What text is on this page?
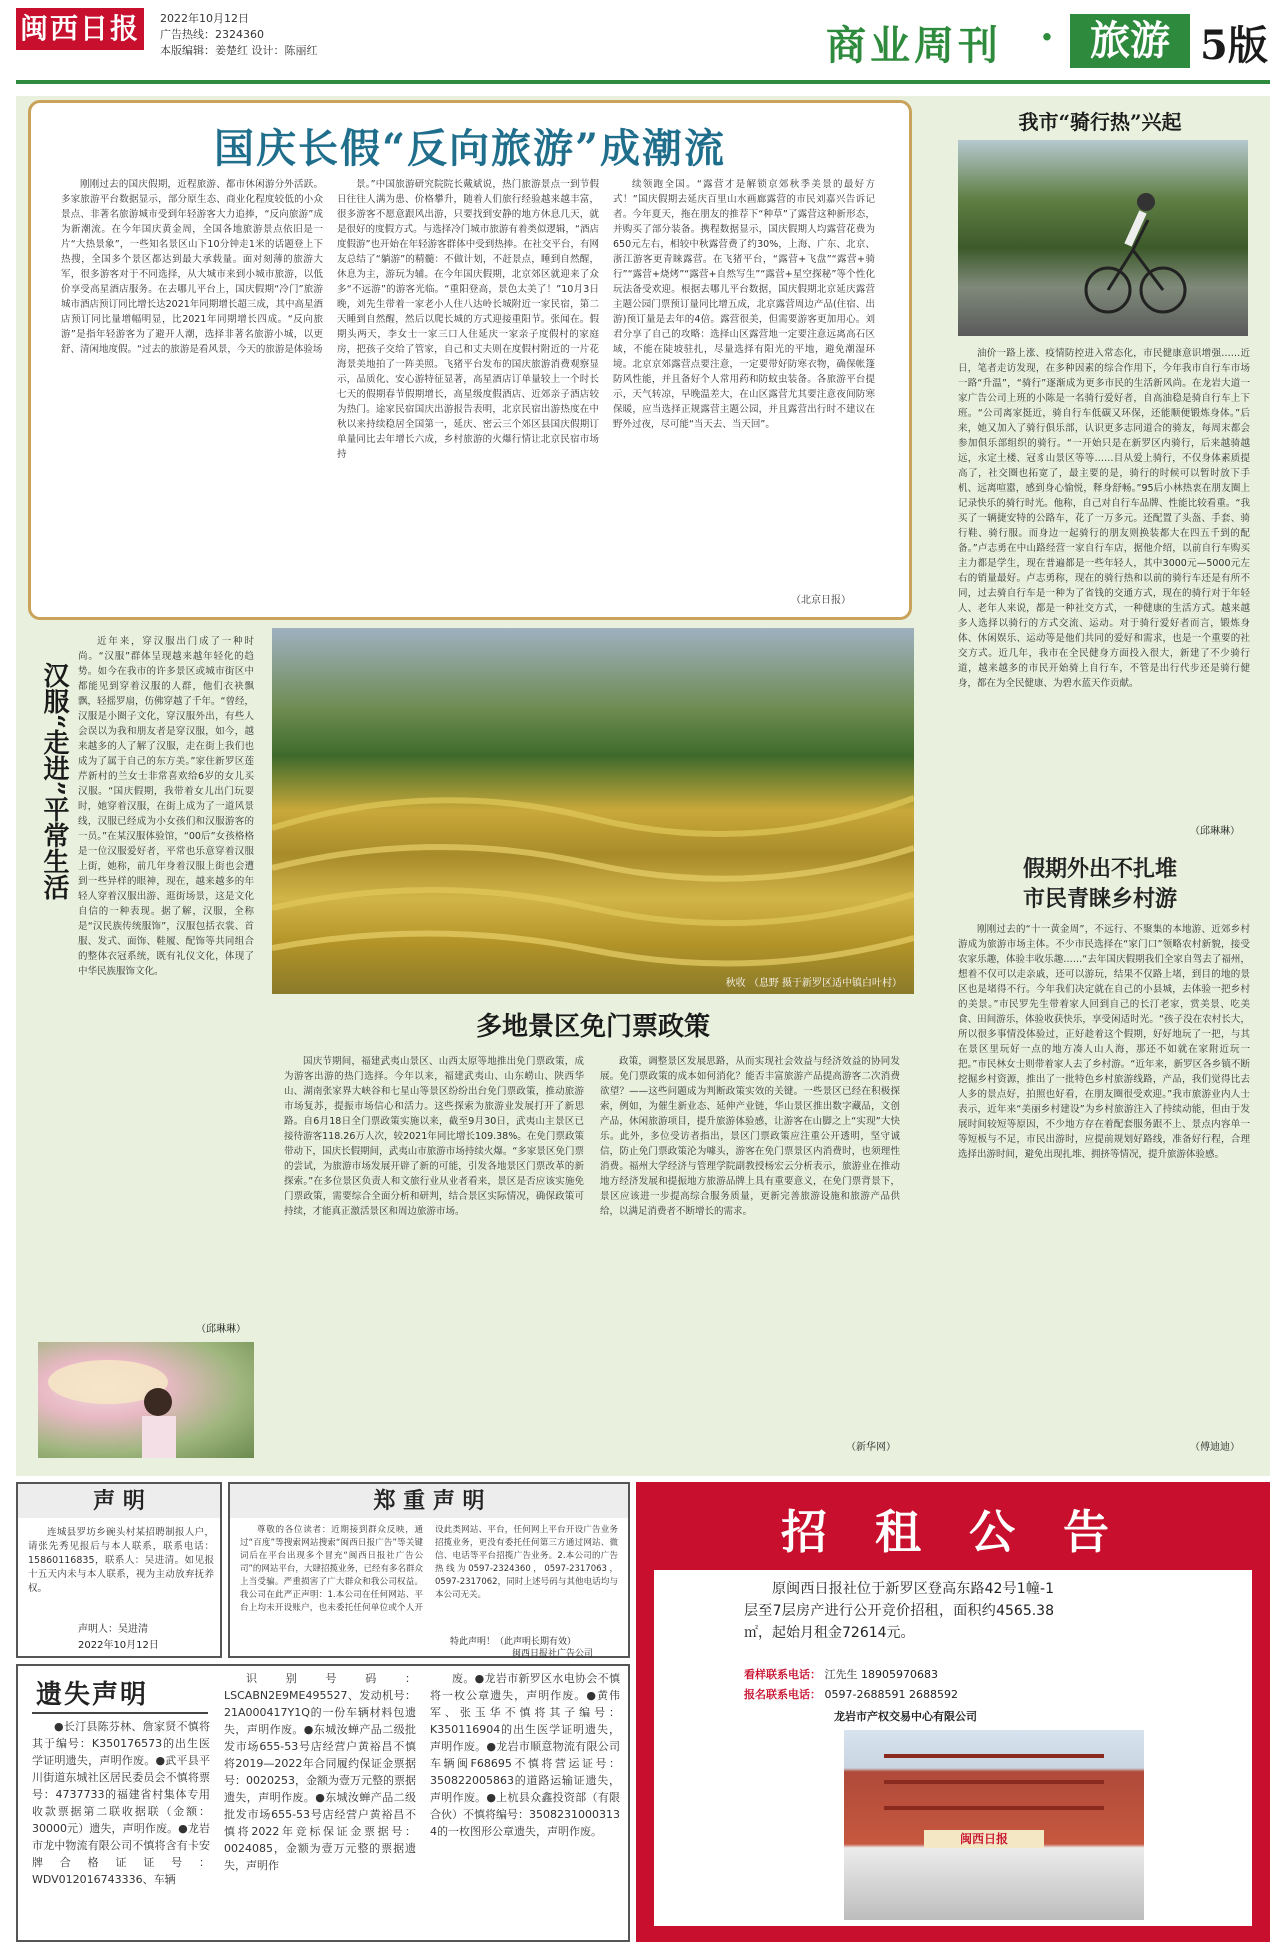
闽西日报	2022年10月12日
广告热线：2324360
本版编辑：姜楚红 设计：陈丽红	商业周刊 · 旅游 5版
国庆长假“反向旅游”成潮流

刚刚过去的国庆假期，近程旅游、都市休闲游分外活跃。多家旅游平台数据显示，部分原生态、商业化程度较低的小众景点、非著名旅游城市受到年轻游客大力追捧，“反向旅游”成为新潮流。在今年国庆黄金周，全国各地旅游景点依旧是一片“大热景象”，一些知名景区山下10分钟走1米的话题登上下热搜，全国多个景区都达到最大承载量。面对刻薄的旅游大军，很多游客对于不同选择，从大城市来到小城市旅游，以低价享受高星酒店服务。在去哪儿平台上，国庆假期“冷门”旅游城市酒店预订同比增长达2021年同期增长超三成，其中高星酒店预订同比量增幅明显，比2021年同期增长四成。“反向旅游”是指年轻游客为了避开人潮，选择非著名旅游小城，以更舒、清闲地度假。“过去的旅游是看风景，今天的旅游是体验场

景。”中国旅游研究院院长戴斌说，热门旅游景点一到节假日往往人满为患、价格攀升，随着人们旅行经验越来越丰富，很多游客不愿意跟风出游，只要找到安静的地方休息几天，就是很好的度假方式。与选择冷门城市旅游有着类似逻辑，“酒店度假游”也开始在年轻游客群体中受到热捧。在社交平台，有网友总结了“躺游”的精髓：不做计划，不赶景点，睡到自然醒，休息为主，游玩为辅。在今年国庆假期，北京郊区就迎来了众多“不远游”的游客光临。“重阳登高，景色太美了！”10月3日晚，刘先生带着一家老小人住八达岭长城附近一家民宿，第二天睡到自然醒，然后以爬长城的方式迎接重阳节。张闻在。假期头两天，李女士一家三口人住延庆一家亲子度假村的家庭房，把孩子交给了管家，自己和丈夫则在度假村附近的一片花海景美地拍了一阵美照。飞猪平台发布的国庆旅游消费观察显示，品质化、安心游特征显著，高星酒店订单量较上一个时长七天的假期春节假期增长，高星级度假酒店、近郊亲子酒店较为热门。途家民宿国庆出游报告表明，北京民宿出游热度在中秋以来持续稳居全国第一，延庆、密云三个郊区县国庆假期订单量同比去年增长六成，乡村旅游的火爆行情让北京民宿市场持

续领跑全国。“露营才是解锁京郊秋季美景的最好方式！”国庆假期去延庆百里山水画廊露营的市民刘嘉兴告诉记者。今年夏天，拖在朋友的推荐下“种草”了露营这种新形态，并购买了部分装备。携程数据显示，国庆假期人均露营花费为650元左右，相较中秋露营费了约30%，上海、广东、北京、浙江游客更青睐露营。在飞猪平台，“露营+飞盘”“露营+骑行”“露营+烧烤”“露营+自然写生”“露营+星空探秘”等个性化玩法备受欢迎。根据去哪儿平台数据，国庆假期北京延庆露营主题公园门票预订量同比增五成，北京露营周边产品(住宿、出游)预订量是去年的4倍。露营很美，但需要游客更加用心。刘君分享了自己的攻略：选择山区露营地一定要注意远离高石区域，不能在陡坡驻扎，尽量选择有阳光的平地，避免潮湿环境。北京京郊露营点要注意，一定要带好防寒衣物，确保帐篷防风性能，并且备好个人常用药和防蚊虫装备。各旅游平台提示，天气转凉，早晚温差大，在山区露营尤其要注意夜间防寒保暖，应当选择正规露营主题公园，并且露营出行时不建议在野外过夜，尽可能“当天去、当天回”。

（北京日报）
我市“骑行热”兴起

油价一路上涨、疫情防控进入常态化，市民健康意识增强……近日，笔者走访发现，在多种因素的综合作用下，今年我市自行车市场一路“升温”，“骑行”逐渐成为更多市民的生活新风尚。在龙岩大道一家广告公司上班的小陈是一名骑行爱好者，自高油稳是骑自行车上下班。“公司离家挺近，骑自行车低碳又环保，还能顺便锻炼身体。”后来，她又加入了骑行俱乐部，认识更多志同道合的骑友，每周末都会参加俱乐部组织的骑行。“一开始只是在新罗区内骑行，后来越骑越远，永定土楼、冠豸山景区等等……目从爱上骑行，不仅身体素质提高了，社交圈也拓宽了，最主要的是，骑行的时候可以暂时放下手机、远离喧嚣，感到身心愉悦，释身舒畅。”95后小林热衷在朋友圈上记录快乐的骑行时光。他称，自己对自行车品牌、性能比较看重。“我买了一辆捷安特的公路车，花了一万多元。还配置了头盔、手套、骑行鞋、骑行服。而身边一起骑行的朋友则换装都大在四五千到的配备。”卢志勇在中山路经营一家自行车店，据他介绍，以前自行车购买主力都是学生，现在普遍都是一些年轻人，其中3000元—5000元左右的销量最好。卢志勇称，现在的骑行热和以前的骑行车还是有所不同，过去骑自行车是一种为了省钱的交通方式，现在的骑行对于年轻人、老年人来说，都是一种社交方式，一种健康的生活方式。越来越多人选择以骑行的方式交流、运动。对于骑行爱好者而言，锻炼身体、休闲娱乐、运动等是他们共同的爱好和需求，也是一个重要的社交方式。近几年，我市在全民健身方面投入很大，新建了不少骑行道，越来越多的市民开始骑上自行车，不管是出行代步还是骑行健身，都在为全民健康、为碧水蓝天作贡献。

（邱琳琳）
汉服“走进”平常生活

近年来，穿汉服出门成了一种时尚。“汉服”群体呈现越来越年轻化的趋势。如今在我市的许多景区或城市街区中都能见到穿着汉服的人群，他们衣袂飘飘，轻摇罗扇，仿佛穿越了千年。“曾经，汉服是小圈子文化，穿汉服外出，有些人会误以为我和朋友者是穿汉服，如今，越来越多的人了解了汉服，走在街上我们也成为了属于自己的东方美。”家住新罗区莲芹新村的兰女士非常喜欢给6岁的女儿买汉服。“国庆假期，我带着女儿出门玩耍时，她穿着汉服，在街上成为了一道风景线，汉服已经成为小女孩们和汉服游客的一员。”在某汉服体验馆，“00后”女孩格格是一位汉服爱好者，平常也乐意穿着汉服上街，她称，前几年身着汉服上街也会遭到一些异样的眼神，现在，越来越多的年轻人穿着汉服出游、逛街场景，这是文化自信的一种表现。据了解，汉服，全称是“汉民族传统服饰”，汉服包括衣裳、首服、发式、面饰、鞋履、配饰等共同组合的整体衣冠系统，既有礼仪文化，体现了中华民族服饰文化。

（邱琳琳）
秋收 （息野 摄于新罗区适中镇白叶村）
多地景区免门票政策

国庆节期间，福建武夷山景区、山西太原等地推出免门票政策，成为游客出游的热门选择。今年以来，福建武夷山、山东崂山、陕西华山、湖南张家界大峡谷和七星山等景区纷纷出台免门票政策，推动旅游市场复苏，提振市场信心和活力。这些探索为旅游业发展打开了新思路。自6月18日全门票政策实施以来，截至9月30日，武夷山主景区已接待游客118.26万人次，较2021年同比增长109.38%。在免门票政策带动下，国庆长假期间，武夷山市旅游市场持续火爆。“多家景区免门票的尝试，为旅游市场发展开辟了新的可能，引发各地景区门票改革的新探索。”在多位景区负责人和文旅行业从业者看来，景区是否应该实施免门票政策，需要综合全面分析和研判，结合景区实际情况，确保政策可持续，才能真正激活景区和周边旅游市场。

政策，调整景区发展思路，从而实现社会效益与经济效益的协同发展。免门票政策的成本如何消化？能否丰富旅游产品提高游客二次消费欲望？——这些问题成为判断政策实效的关键。一些景区已经在积极探索，例如，为催生新业态、延伸产业链，华山景区推出数字藏品，文创产品，休闲旅游项目，提升旅游体验感，让游客在山脚之上“实现”大快乐。此外，多位受访者指出，景区门票政策应注重公开透明，坚守诚信，防止免门票政策沦为噱头，游客在免门票景区内消费时，也须理性消费。福州大学经济与管理学院副教授杨宏云分析表示，旅游业在推动地方经济发展和提振地方旅游品牌上具有重要意义，在免门票背景下，景区应该进一步提高综合服务质量，更新完善旅游设施和旅游产品供给，以满足消费者不断增长的需求。

（新华网）
假期外出不扎堆
市民青睐乡村游

刚刚过去的“十一黄金周”，不远行、不聚集的本地游、近郊乡村游成为旅游市场主体。不少市民选择在“家门口”领略农村新貌，接受农家乐趣，体验丰收乐趣……“去年国庆假期我们全家自驾去了福州，想着不仅可以走亲戚，还可以游玩，结果不仅路上堵，到目的地的景区也是堵得不行。今年我们决定就在自己的小县城，去体验一把乡村的美景。”市民罗先生带着家人回到自己的长汀老家，赏美景、吃美食、田间游乐，体验收获快乐，享受闲适时光。“孩子没在农村长大，所以很多事情没体验过，正好趁着这个假期，好好地玩了一把，与其在景区里玩好一点的地方凑人山人海，那还不如就在家附近玩一把。”市民林女士则带着家人去了乡村游。“近年来，新罗区各乡镇不断挖掘乡村资源，推出了一批特色乡村旅游线路，产品，我们觉得比去人多的景点好，拍照也好看，在朋友圈很受欢迎。”我市旅游业内人士表示，近年来“美丽乡村建设”为乡村旅游注入了持续动能，但由于发展时间较短等原因，不少地方存在着配套服务跟不上、景点内容单一等短板与不足，市民出游时，应提前规划好路线，准备好行程，合理选择出游时间，避免出现扎堆、拥挤等情况，提升旅游体验感。

（傅迪迪）
声 明

连城县罗坊乡碗头村某招聘制报人户，请张先秀见报后与本人联系，联系电话：15860116835，联系人：吴进清。如见报十五天内未与本人联系，视为主动放弃抚养权。

声明人：吴进清
2022年10月12日
郑 重 声 明

尊敬的各位读者：近期接到群众反映，通过“百度”等搜索网站搜索“闽西日报广告”等关键词后在平台出现多个冒充“闽西日报社广告公司”的网站平台，大肆招揽业务，已经有多名群众上当受骗。严重损害了广大群众和我公司权益。我公司在此严正声明：1.本公司在任何网站、平台上均未开设账户，也未委托任何单位或个人开设此类网站、平台，任何网上平台开设广告业务招揽业务，更没有委托任何第三方通过网站、微信、电话等平台招揽广告业务。2.本公司的广告热线为0597-2324360，0597-2317063，0597-2317062，同时上述号码与其他电话均与本公司无关。

特此声明！（此声明长期有效）
闽西日报社广告公司
遗失声明

●长汀县陈芬林、詹家贤不慎将其于编号：K350176573的出生医学证明遗失，声明作废。●武平县平川街道东城社区居民委员会不慎将票号：4737733的福建省村集体专用收款票据第二联收据联（金额：30000元）遗失，声明作废。●龙岩市龙中物流有限公司不慎将含有卡安牌合格证证号：WDV012016743336、车辆

识别号码：LSCABN2E9ME495527、发动机号：21A000417Y1Q的一份车辆材料包遗失，声明作废。●东城汝蝉产品二级批发市场655-53号店经营户黄裕昌不慎将2019—2022年合同履约保证金票据号：0020253，金额为壹万元整的票据遗失，声明作废。●东城汝蝉产品二级批发市场655-53号店经营户黄裕昌不慎将2022年竞标保证金票据号：0024085，金额为壹万元整的票据遗失，声明作

废。●龙岩市新罗区水电协会不慎将一枚公章遗失，声明作废。●黄伟军、张玉华不慎将其子编号：K350116904的出生医学证明遗失，声明作废。●龙岩市顺意物流有限公司车辆闽F68695不慎将营运证号：350822005863的道路运输证遗失，声明作废。●上杭县众鑫投资部（有限合伙）不慎将编号：3508231000313 4的一枚图形公章遗失，声明作废。

招 租 公 告

原闽西日报社位于新罗区登高东路42号1幢-1层至7层房产进行公开竞价招租，面积约4565.38㎡，起始月租金72614元。

看样联系电话： 江先生 18905970683
报名联系电话： 0597-2688591 2688592
龙岩市产权交易中心有限公司
闽西日报
